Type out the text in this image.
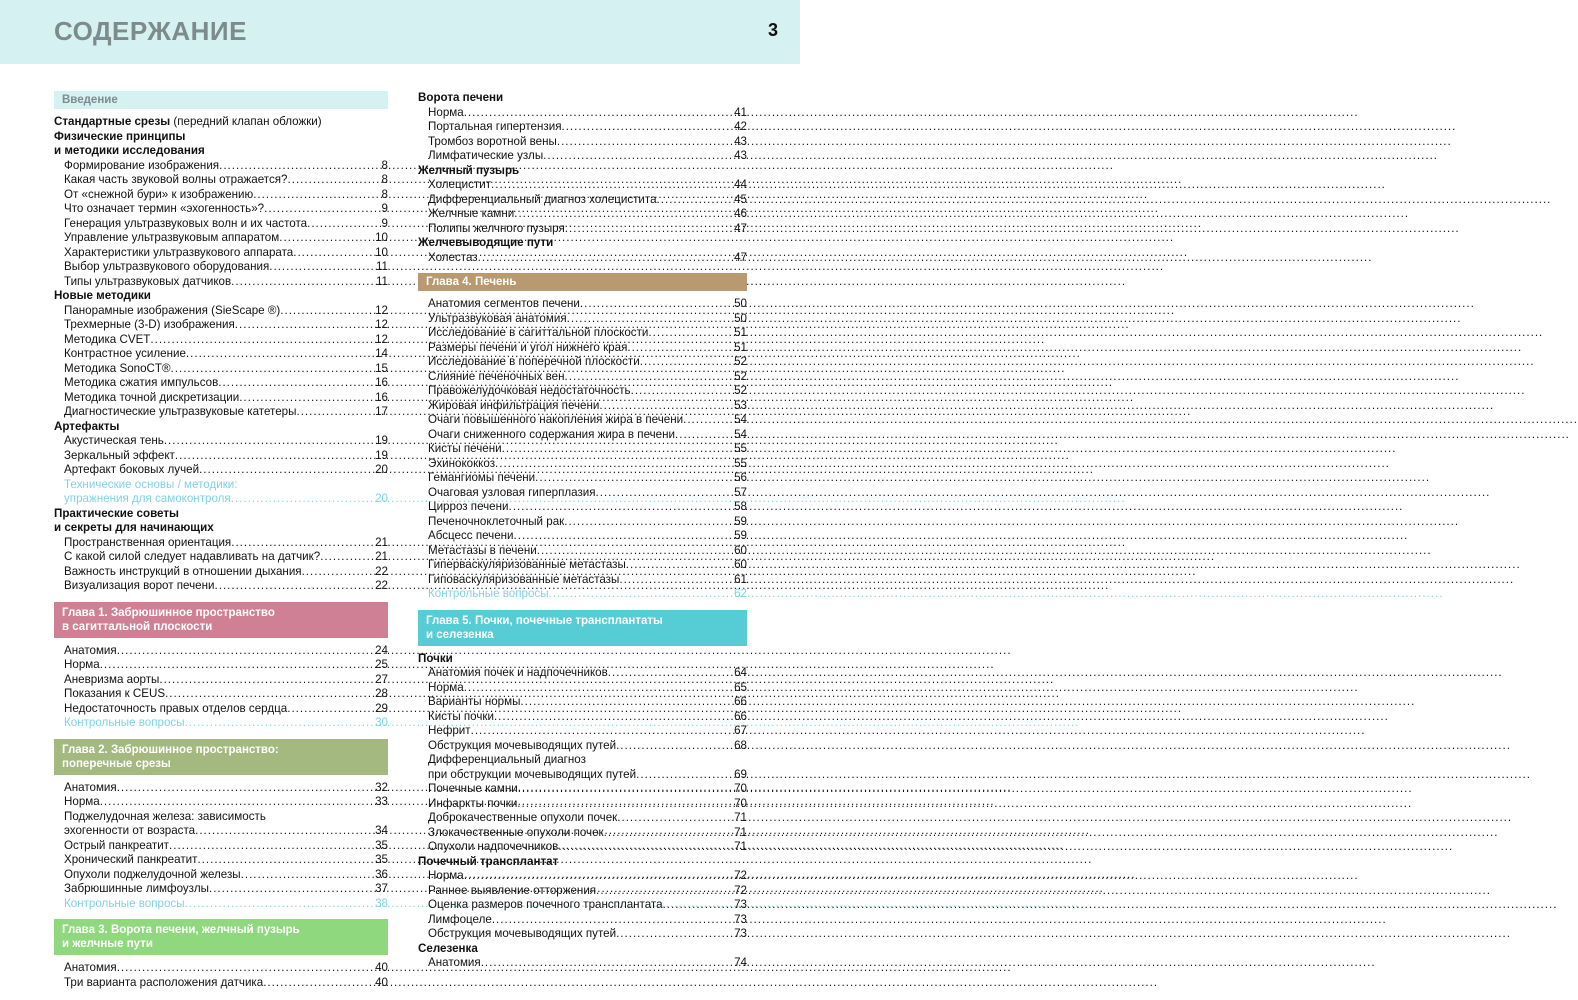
СОДЕРЖАНИЕ	3
Введение
Стандартные срезы (передний клапан обложки)
Физические принципы
и методики исследования
Формирование изображения .....	8
Какая часть звуковой волны отражается? .....	8
От «снежной бури» к изображению .....	8
Что означает термин «эхогенность»? .....	9
Генерация ультразвуковых волн и их частота .....	9
Управление ультразвуковым аппаратом .....	10
Характеристики ультразвукового аппарата .....	10
Выбор ультразвукового оборудования .....	11
Типы ультразвуковых датчиков .....	11
Новые методики
Панорамные изображения (SieScape ®) .....	12
Трехмерные (3-D) изображения .....	12
Методика CVET .....	12
Контрастное усиление .....	14
Методика SonoCT® .....	15
Методика сжатия импульсов .....	16
Методика точной дискретизации .....	16
Диагностические ультразвуковые катетеры .....	17
Артефакты
Акустическая тень .....	19
Зеркальный эффект .....	19
Артефакт боковых лучей .....	20
Технические основы / методики:
упражнения для самоконтроля .....	20
Практические советы
и секреты для начинающих
Пространственная ориентация .....	21
С какой силой следует надавливать на датчик? .....	21
Важность инструкций в отношении дыхания .....	22
Визуализация ворот печени .....	22
Глава 1. Забрюшинное пространство
в сагиттальной плоскости
Анатомия .....	24
Норма .....	25
Аневризма аорты .....	27
Показания к CEUS .....	28
Недостаточность правых отделов сердца .....	29
Контрольные вопросы .....	30
Глава 2. Забрюшинное пространство:
поперечные срезы
Анатомия .....	32
Норма .....	33
Поджелудочная железа: зависимость
эхогенности от возраста .....	34
Острый панкреатит .....	35
Хронический панкреатит .....	35
Опухоли поджелудочной железы .....	36
Забрюшинные лимфоузлы .....	37
Контрольные вопросы .....	38
Глава 3. Ворота печени, желчный пузырь
и желчные пути
Анатомия .....	40
Три варианта расположения датчика .....	40
Ворота печени
Норма .....	41
Портальная гипертензия .....	42
Тромбоз воротной вены .....	43
Лимфатические узлы .....	43
Желчный пузырь
Холецистит .....	44
Дифференциальный диагноз холецистита .....	45
Желчные камни .....	46
Полипы желчного пузыря .....	47
Желчевыводящие пути
Холестаз .....	47
Глава 4. Печень
Анатомия сегментов печени .....	50
Ультразвуковая анатомия .....	50
Исследование в сагиттальной плоскости .....	51
Размеры печени и угол нижнего края .....	51
Исследование в поперечной плоскости .....	52
Слияние печеночных вен .....	52
Правожелудочковая недостаточность .....	52
Жировая инфильтрация печени .....	53
Очаги повышенного накопления жира в печени .....	54
Очаги сниженного содержания жира в печени .....	54
Кисты печени .....	55
Эхинококкоз .....	55
Гемангиомы печени .....	56
Очаговая узловая гиперплазия .....	57
Цирроз печени .....	58
Печеночноклеточный рак .....	59
Абсцесс печени .....	59
Метастазы в печени .....	60
Гиперваскуляризованные метастазы .....	60
Гиповаскуляризованные метастазы .....	61
Контрольные вопросы .....	62
Глава 5. Почки, почечные трансплантаты
и селезенка
Почки
Анатомия почек и надпочечников .....	64
Норма .....	65
Варианты нормы .....	66
Кисты почки .....	66
Нефрит .....	67
Обструкция мочевыводящих путей .....	68
Дифференциальный диагноз
при обструкции мочевыводящих путей .....	69
Почечные камни .....	70
Инфаркты почки .....	70
Доброкачественные опухоли почек .....	71
Злокачественные опухоли почек .....	71
Опухоли надпочечников .....	71
Почечный трансплантат
Норма .....	72
Раннее выявление отторжения .....	72
Оценка размеров почечного трансплантата .....	73
Лимфоцеле .....	73
Обструкция мочевыводящих путей .....	73
Селезенка
Анатомия .....	74
